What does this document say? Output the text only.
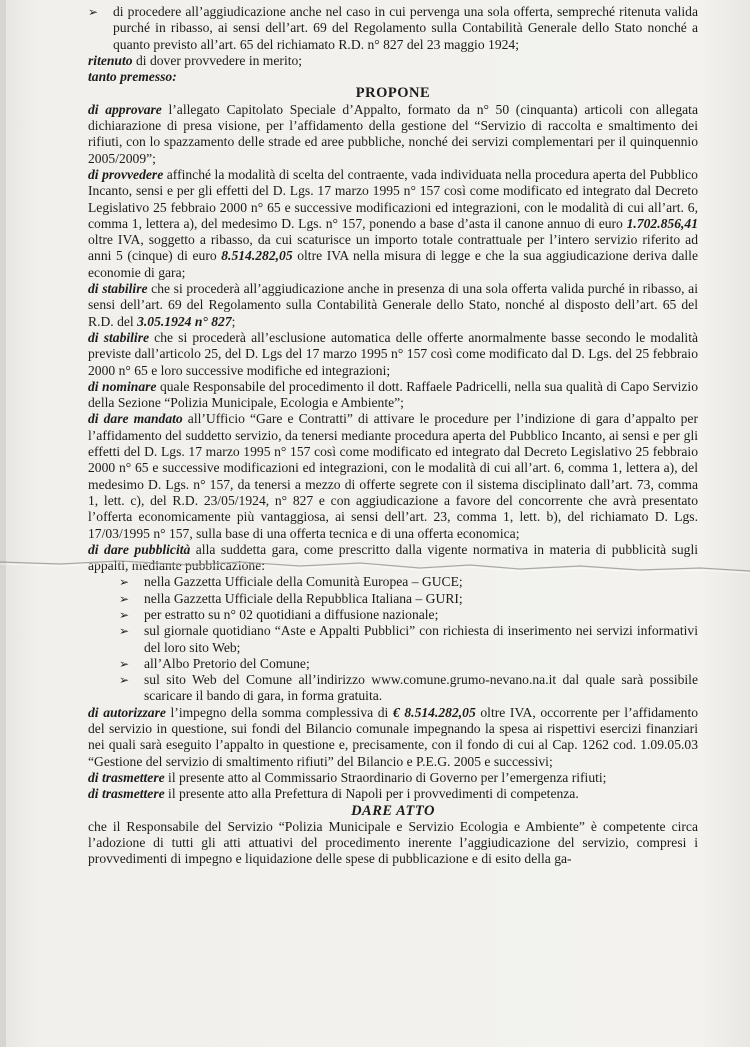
➢ di procedere all’aggiudicazione anche nel caso in cui pervenga una sola offerta, sempreché ritenuta valida purché in ribasso, ai sensi dell’art. 69 del Regolamento sulla Contabilità Generale dello Stato nonché a quanto previsto all’art. 65 del richiamato R.D. n° 827 del 23 maggio 1924;

ritenuto di dover provvedere in merito;

tanto premesso:

PROPONE

di approvare l’allegato Capitolato Speciale d’Appalto, formato da n° 50 (cinquanta) articoli con allegata dichiarazione di presa visione, per l’affidamento della gestione del “Servizio di raccolta e smaltimento dei rifiuti, con lo spazzamento delle strade ed aree pubbliche, nonché dei servizi complementari per il quinquennio 2005/2009”;

di provvedere affinché la modalità di scelta del contraente, vada individuata nella procedura aperta del Pubblico Incanto, sensi e per gli effetti del D. Lgs. 17 marzo 1995 n° 157 così come modificato ed integrato dal Decreto Legislativo 25 febbraio 2000 n° 65 e successive modificazioni ed integrazioni, con le modalità di cui all’art. 6, comma 1, lettera a), del medesimo D. Lgs. n° 157, ponendo a base d’asta il canone annuo di euro 1.702.856,41 oltre IVA, soggetto a ribasso, da cui scaturisce un importo totale contrattuale per l’intero servizio riferito ad anni 5 (cinque) di euro 8.514.282,05 oltre IVA nella misura di legge e che la sua aggiudicazione deriva dalle economie di gara;

di stabilire che si procederà all’aggiudicazione anche in presenza di una sola offerta valida purché in ribasso, ai sensi dell’art. 69 del Regolamento sulla Contabilità Generale dello Stato, nonché al disposto dell’art. 65 del R.D. del 3.05.1924 n° 827;

di stabilire che si procederà all’esclusione automatica delle offerte anormalmente basse secondo le modalità previste dall’articolo 25, del D. Lgs del 17 marzo 1995 n° 157 così come modificato dal D. Lgs. del 25 febbraio 2000 n° 65 e loro successive modifiche ed integrazioni;

di nominare quale Responsabile del procedimento il dott. Raffaele Padricelli, nella sua qualità di Capo Servizio della Sezione “Polizia Municipale, Ecologia e Ambiente”;

di dare mandato all’Ufficio “Gare e Contratti” di attivare le procedure per l’indizione di gara d’appalto per l’affidamento del suddetto servizio, da tenersi mediante procedura aperta del Pubblico Incanto, ai sensi e per gli effetti del D. Lgs. 17 marzo 1995 n° 157 così come modificato ed integrato dal Decreto Legislativo 25 febbraio 2000 n° 65 e successive modificazioni ed integrazioni, con le modalità di cui all’art. 6, comma 1, lettera a), del medesimo D. Lgs. n° 157, da tenersi a mezzo di offerte segrete con il sistema disciplinato dall’art. 73, comma 1, lett. c), del R.D. 23/05/1924, n° 827 e con aggiudicazione a favore del concorrente che avrà presentato l’offerta economicamente più vantaggiosa, ai sensi dell’art. 23, comma 1, lett. b), del richiamato D. Lgs. 17/03/1995 n° 157, sulla base di una offerta tecnica e di una offerta economica;

di dare pubblicità alla suddetta gara, come prescritto dalla vigente normativa in materia di pubblicità sugli appalti, mediante pubblicazione:

➢ nella Gazzetta Ufficiale della Comunità Europea – GUCE;
➢ nella Gazzetta Ufficiale della Repubblica Italiana – GURI;
➢ per estratto su n° 02 quotidiani a diffusione nazionale;
➢ sul giornale quotidiano “Aste e Appalti Pubblici” con richiesta di inserimento nei servizi informativi del loro sito Web;
➢ all’Albo Pretorio del Comune;
➢ sul sito Web del Comune all’indirizzo www.comune.grumo-nevano.na.it dal quale sarà possibile scaricare il bando di gara, in forma gratuita.

di autorizzare l’impegno della somma complessiva di € 8.514.282,05 oltre IVA, occorrente per l’affidamento del servizio in questione, sui fondi del Bilancio comunale impegnando la spesa ai rispettivi esercizi finanziari nei quali sarà eseguito l’appalto in questione e, precisamente, con il fondo di cui al Cap. 1262 cod. 1.09.05.03 “Gestione del servizio di smaltimento rifiuti” del Bilancio e P.E.G. 2005 e successivi;

di trasmettere il presente atto al Commissario Straordinario di Governo per l’emergenza rifiuti;

di trasmettere il presente atto alla Prefettura di Napoli per i provvedimenti di competenza.

DARE ATTO

che il Responsabile del Servizio “Polizia Municipale e Servizio Ecologia e Ambiente” è competente circa l’adozione di tutti gli atti attuativi del procedimento inerente l’aggiudicazione del servizio, compresi i provvedimenti di impegno e liquidazione delle spese di pubblicazione e di esito della ga-
